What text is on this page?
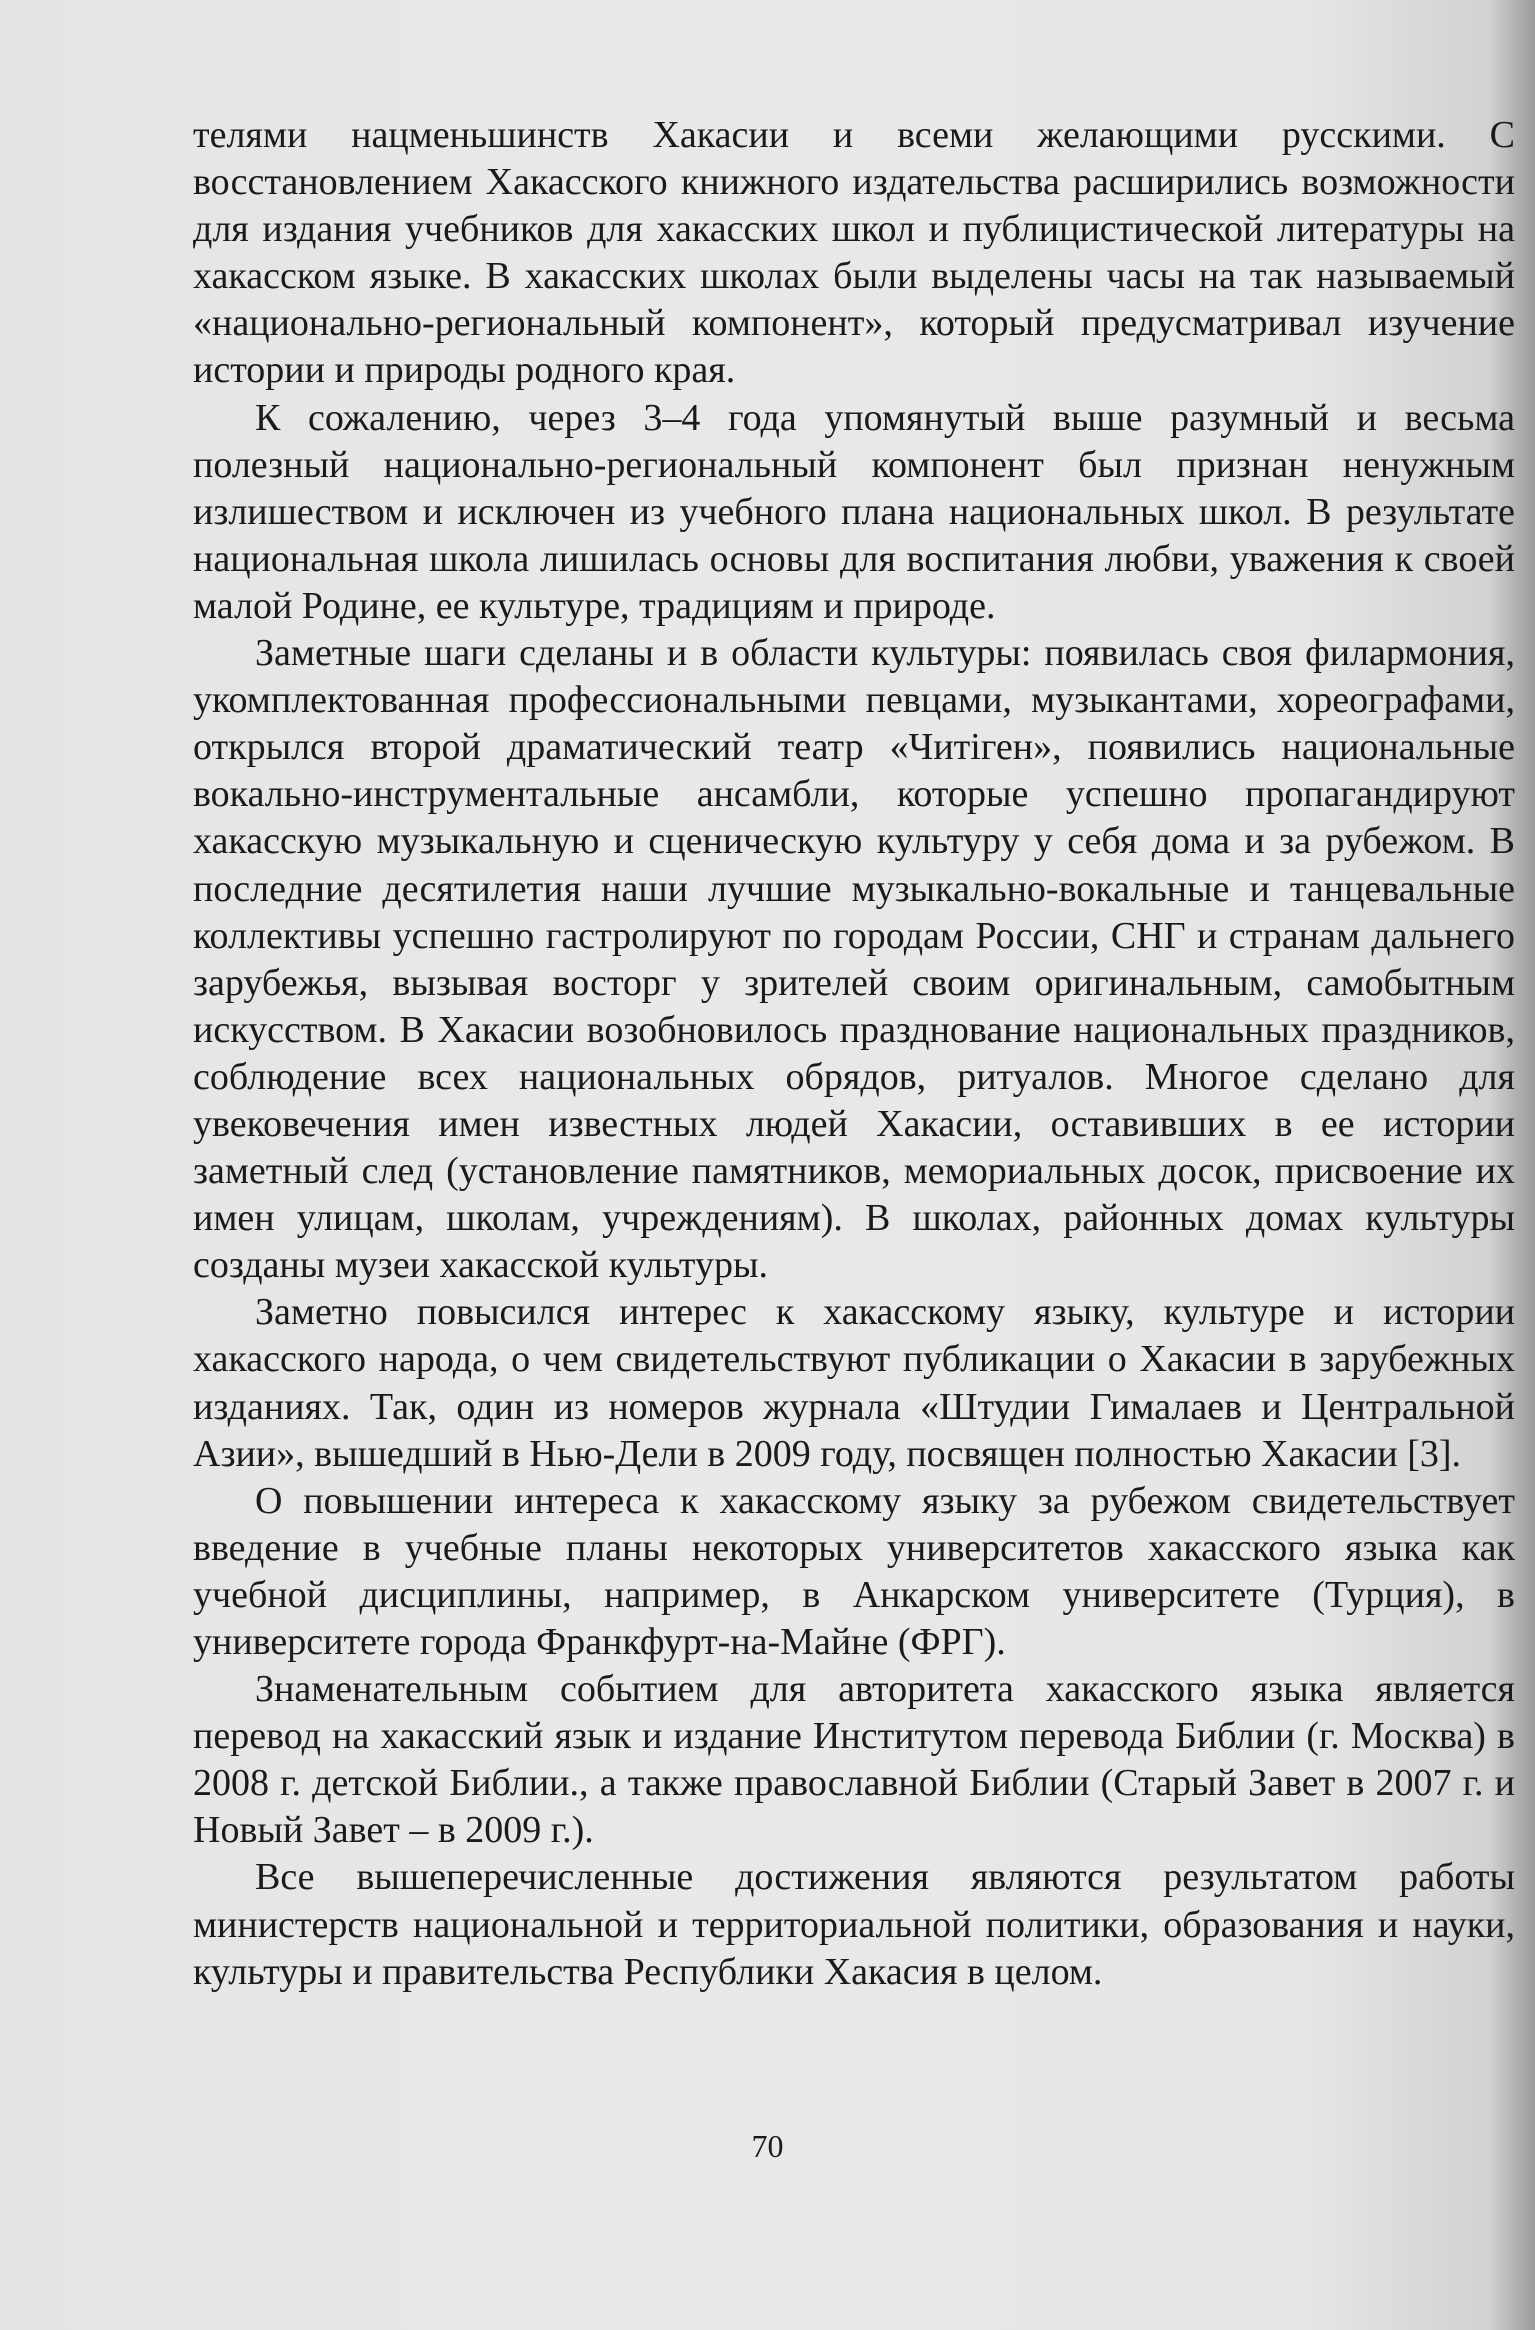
телями нацменьшинств Хакасии и всеми желающими русскими. С восстановлением Хакасского книжного издательства расширились возможности для издания учебников для хакасских школ и публицистической литературы на хакасском языке. В хакасских школах были выделены часы на так называемый «национально-региональный компонент», который предусматривал изучение истории и природы родного края.

К сожалению, через 3–4 года упомянутый выше разумный и весьма полезный национально-региональный компонент был признан ненужным излишеством и исключен из учебного плана национальных школ. В результате национальная школа лишилась основы для воспитания любви, уважения к своей малой Родине, ее культуре, традициям и природе.

Заметные шаги сделаны и в области культуры: появилась своя филармония, укомплектованная профессиональными певцами, музыкантами, хореографами, открылся второй драматический театр «Читiген», появились национальные вокально-инструментальные ансамбли, которые успешно пропагандируют хакасскую музыкальную и сценическую культуру у себя дома и за рубежом. В последние десятилетия наши лучшие музыкально-вокальные и танцевальные коллективы успешно гастролируют по городам России, СНГ и странам дальнего зарубежья, вызывая восторг у зрителей своим оригинальным, самобытным искусством. В Хакасии возобновилось празднование национальных праздников, соблюдение всех национальных обрядов, ритуалов. Многое сделано для увековечения имен известных людей Хакасии, оставивших в ее истории заметный след (установление памятников, мемориальных досок, присвоение их имен улицам, школам, учреждениям). В школах, районных домах культуры созданы музеи хакасской культуры.

Заметно повысился интерес к хакасскому языку, культуре и истории хакасского народа, о чем свидетельствуют публикации о Хакасии в зарубежных изданиях. Так, один из номеров журнала «Штудии Гималаев и Центральной Азии», вышедший в Нью-Дели в 2009 году, посвящен полностью Хакасии [3].

О повышении интереса к хакасскому языку за рубежом свидетельствует введение в учебные планы некоторых университетов хакасского языка как учебной дисциплины, например, в Анкарском университете (Турция), в университете города Франкфурт-на-Майне (ФРГ).

Знаменательным событием для авторитета хакасского языка является перевод на хакасский язык и издание Институтом перевода Библии (г. Москва) в 2008 г. детской Библии., а также православной Библии (Старый Завет в 2007 г. и Новый Завет – в 2009 г.).

Все вышеперечисленные достижения являются результатом работы министерств национальной и территориальной политики, образования и науки, культуры и правительства Республики Хакасия в целом.

70
